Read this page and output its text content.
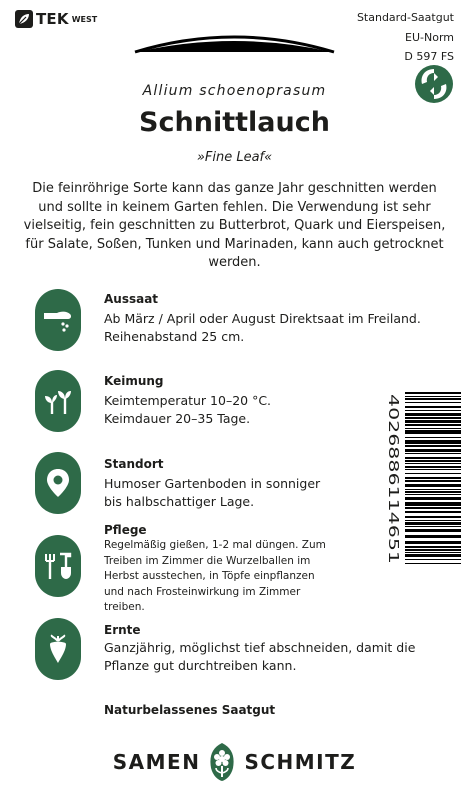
TEK WEST	Standard-Saatgut
EU-Norm
D 597 FS
Allium schoenoprasum
Schnittlauch
»Fine Leaf«
Die feinröhrige Sorte kann das ganze Jahr geschnitten werden und sollte in keinem Garten fehlen. Die Verwendung ist sehr vielseitig, fein geschnitten zu Butterbrot, Quark und Eierspeisen, für Salate, Soßen, Tunken und Marinaden, kann auch getrocknet werden.
Aussaat
Ab März / April oder August Direktsaat im Freiland.
Reihenabstand 25 cm.
Keimung
Keimtemperatur 10–20 °C.
Keimdauer 20–35 Tage.
Standort
Humoser Gartenboden in sonniger
bis halbschattiger Lage.
Pflege
Regelmäßig gießen, 1-2 mal düngen. Zum
Treiben im Zimmer die Wurzelballen im
Herbst ausstechen, in Töpfe einpflanzen
und nach Frosteinwirkung im Zimmer
treiben.
Ernte
Ganzjährig, möglichst tief abschneiden, damit die
Pflanze gut durchtreiben kann.
Naturbelassenes Saatgut
SAMEN SCHMITZ
4026886114651
